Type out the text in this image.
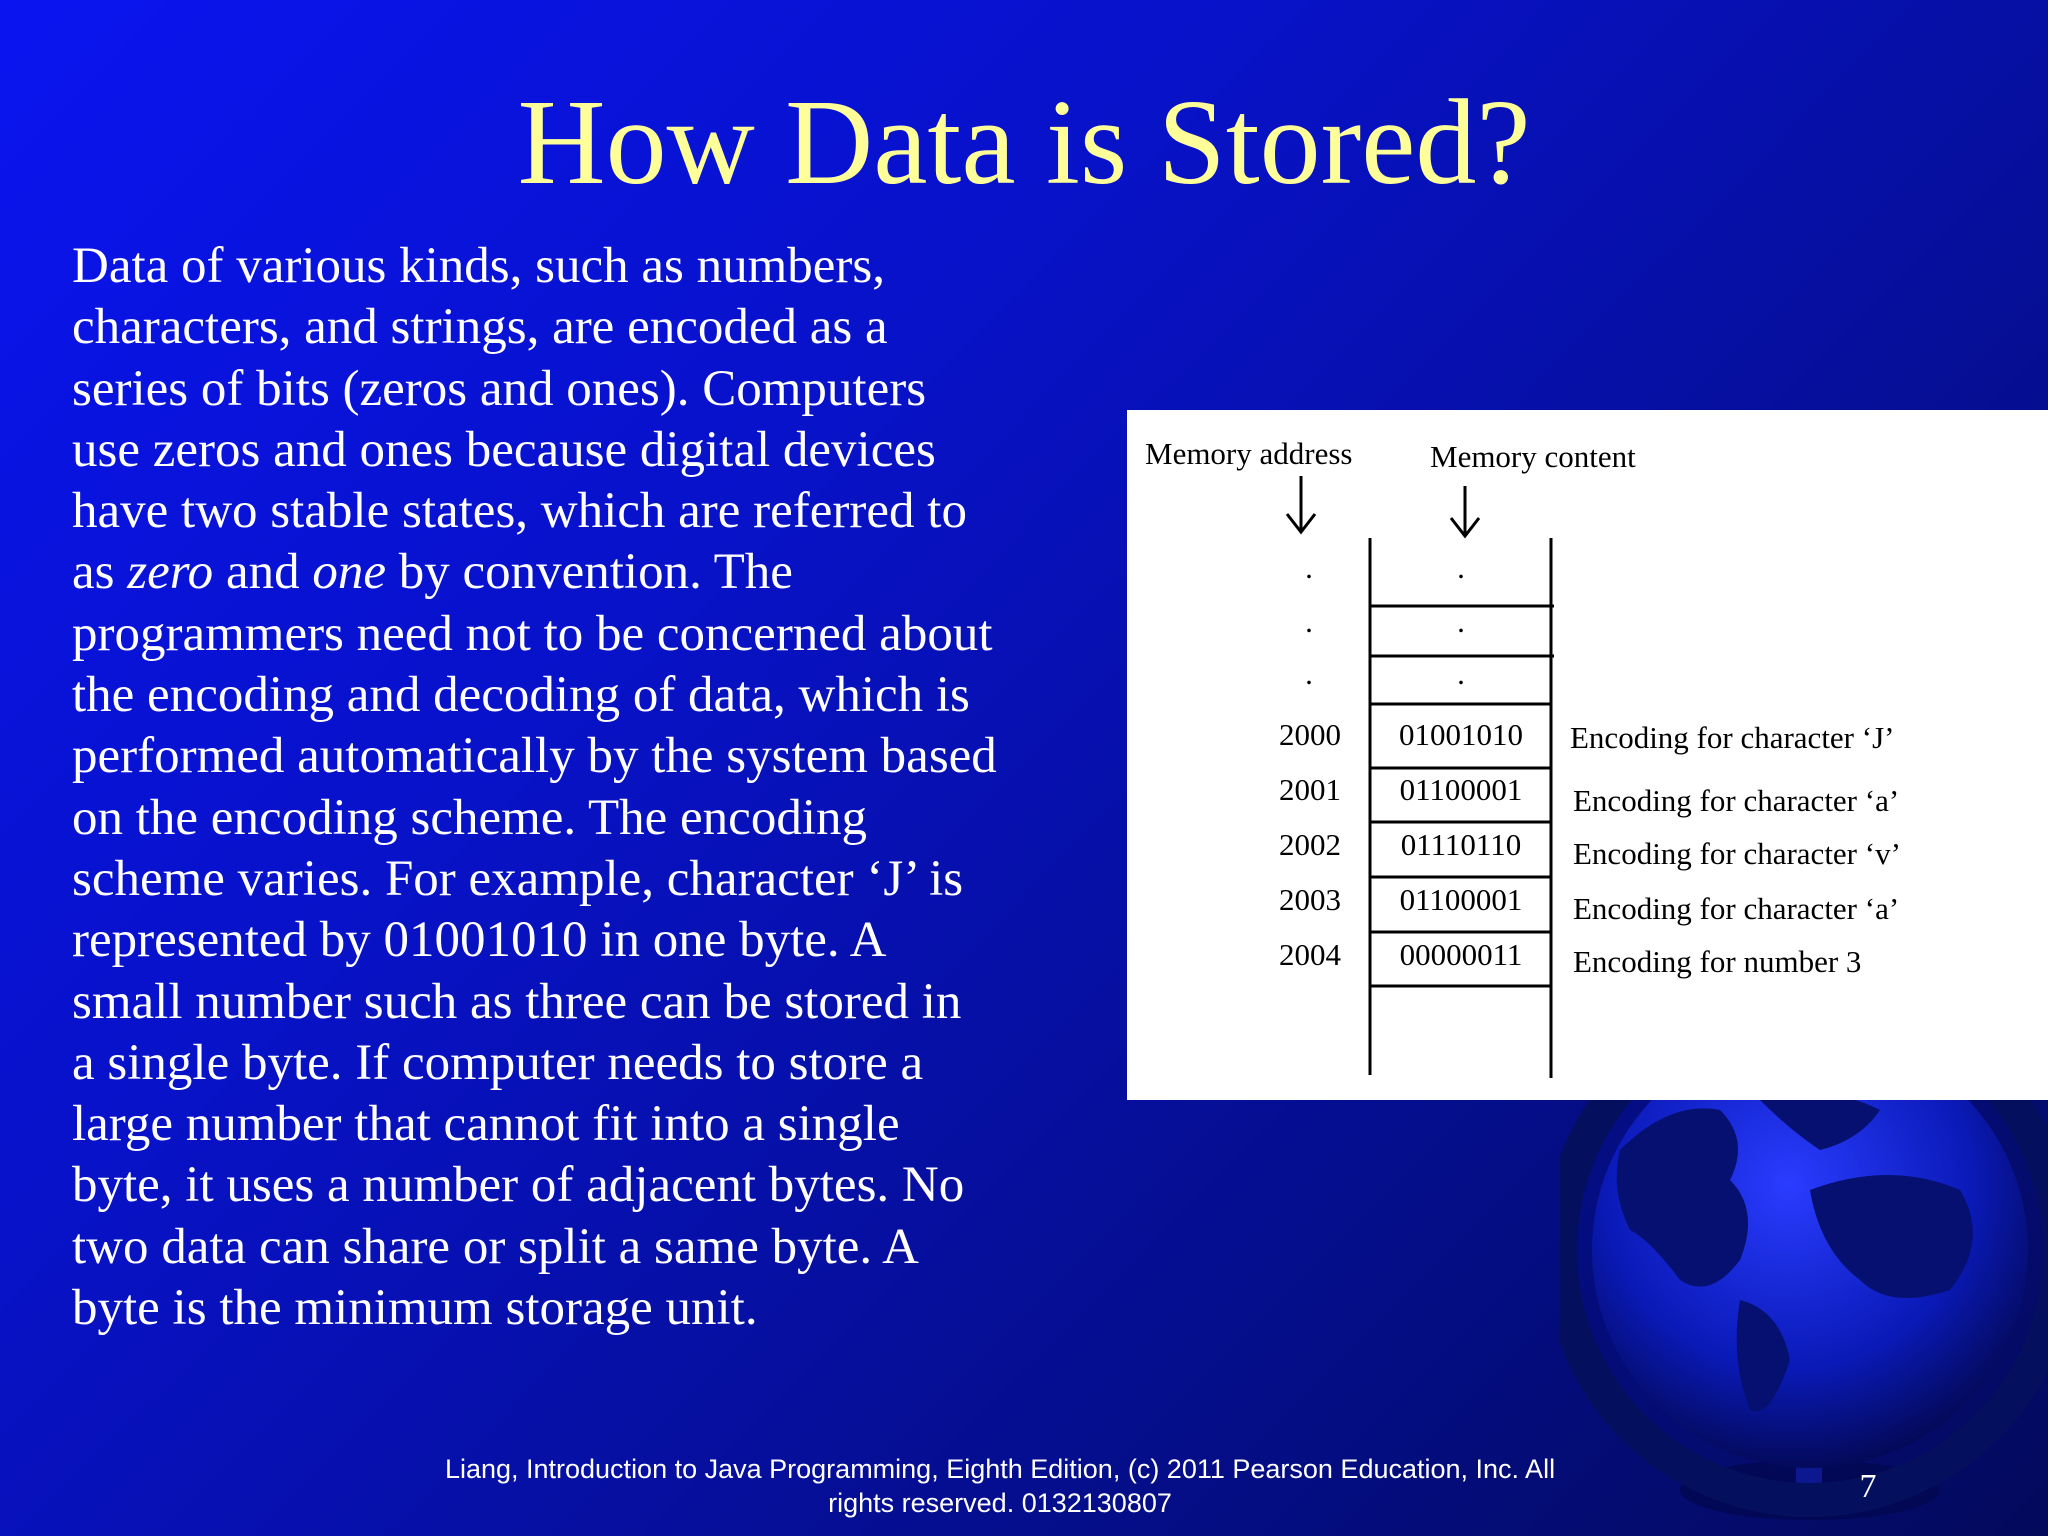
How Data is Stored?
Data of various kinds, such as numbers,
characters, and strings, are encoded as a
series of bits (zeros and ones). Computers
use zeros and ones because digital devices
have two stable states, which are referred to
as zero and one by convention. The
programmers need not to be concerned about
the encoding and decoding of data, which is
performed automatically by the system based
on the encoding scheme. The encoding
scheme varies. For example, character ‘J’ is
represented by 01001010 in one byte. A
small number such as three can be stored in
a single byte. If computer needs to store a
large number that cannot fit into a single
byte, it uses a number of adjacent bytes. No
two data can share or split a same byte. A
byte is the minimum storage unit.
Memory address	Memory content
.
.
.
.
.
.
2000 01001010 Encoding for character ‘J’
2001 01100001 Encoding for character ‘a’
2002 01110110 Encoding for character ‘v’
2003 01100001 Encoding for character ‘a’
2004 00000011 Encoding for number 3
Liang, Introduction to Java Programming, Eighth Edition, (c) 2011 Pearson Education, Inc. All
rights reserved. 0132130807	7
